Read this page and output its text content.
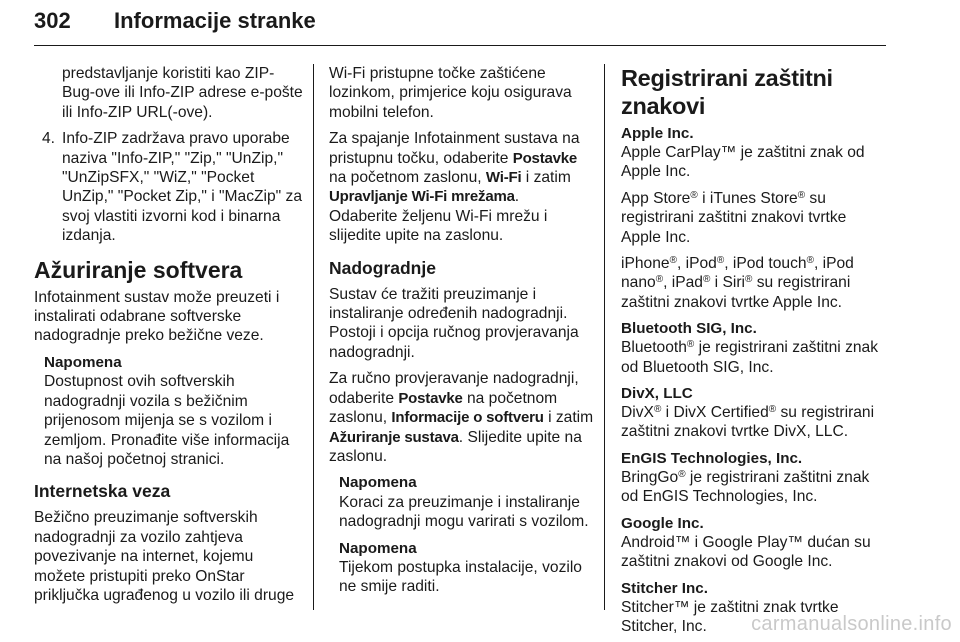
302 Informacije stranke

predstavljanje koristiti kao ZIP-Bug-ove ili Info-ZIP adrese e-pošte ili Info-ZIP URL(-ove).

4. Info-ZIP zadržava pravo uporabe naziva "Info-ZIP," "Zip," "UnZip," "UnZipSFX," "WiZ," "Pocket UnZip," "Pocket Zip," i "MacZip" za svoj vlastiti izvorni kod i binarna izdanja.

Ažuriranje softvera

Infotainment sustav može preuzeti i instalirati odabrane softverske nadogradnje preko bežične veze.

Napomena
Dostupnost ovih softverskih nadogradnji vozila s bežičnim prijenosom mijenja se s vozilom i zemljom. Pronađite više informacija na našoj početnoj stranici.
Internetska veza

Bežično preuzimanje softverskih nadogradnji za vozilo zahtjeva povezivanje na internet, kojemu možete pristupiti preko OnStar priključka ugrađenog u vozilo ili druge

Wi-Fi pristupne točke zaštićene lozinkom, primjerice koju osigurava mobilni telefon.

Za spajanje Infotainment sustava na pristupnu točku, odaberite Postavke na početnom zaslonu, Wi-Fi i zatim Upravljanje Wi-Fi mrežama.
Odaberite željenu Wi-Fi mrežu i slijedite upite na zaslonu.

Nadogradnje

Sustav će tražiti preuzimanje i instaliranje određenih nadogradnji. Postoji i opcija ručnog provjeravanja nadogradnji.

Za ručno provjeravanje nadogradnji, odaberite Postavke na početnom zaslonu, Informacije o softveru i zatim Ažuriranje sustava. Slijedite upite na zaslonu.

Napomena
Koraci za preuzimanje i instaliranje nadogradnji mogu varirati s vozilom.
Napomena
Tijekom postupka instalacije, vozilo ne smije raditi.
Registrirani zaštitni znakovi
Apple Inc.

Apple CarPlay™ je zaštitni znak od Apple Inc.

App Store® i iTunes Store® su registrirani zaštitni znakovi tvrtke Apple Inc.

iPhone®, iPod®, iPod touch®, iPod nano®, iPad® i Siri® su registrirani zaštitni znakovi tvrtke Apple Inc.

Bluetooth SIG, Inc.

Bluetooth® je registrirani zaštitni znak od Bluetooth SIG, Inc.

DivX, LLC

DivX® i DivX Certified® su registrirani zaštitni znakovi tvrtke DivX, LLC.

EnGIS Technologies, Inc.

BringGo® je registrirani zaštitni znak od EnGIS Technologies, Inc.

Google Inc.

Android™ i Google Play™ dućan su zaštitni znakovi od Google Inc.

Stitcher Inc.

Stitcher™ je zaštitni znak tvrtke Stitcher, Inc.	carmanualsonline.info
